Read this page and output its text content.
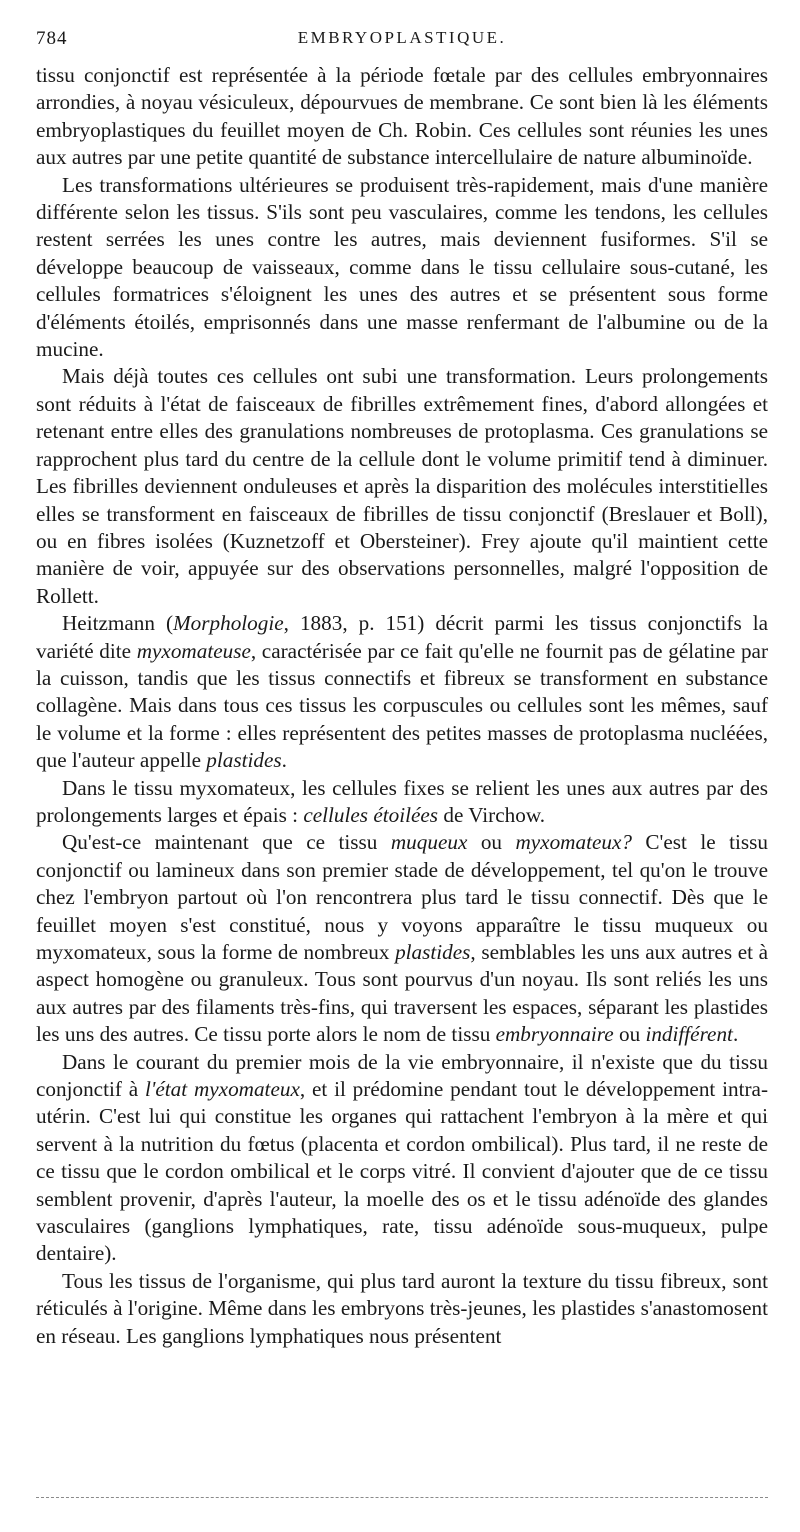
784	EMBRYOPLASTIQUE.

tissu conjonctif est représentée à la période fœtale par des cellules embryonnaires arrondies, à noyau vésiculeux, dépourvues de membrane. Ce sont bien là les éléments embryoplastiques du feuillet moyen de Ch. Robin. Ces cellules sont réunies les unes aux autres par une petite quantité de substance intercellulaire de nature albuminoïde.

Les transformations ultérieures se produisent très-rapidement, mais d'une manière différente selon les tissus. S'ils sont peu vasculaires, comme les tendons, les cellules restent serrées les unes contre les autres, mais deviennent fusiformes. S'il se développe beaucoup de vaisseaux, comme dans le tissu cellulaire sous-cutané, les cellules formatrices s'éloignent les unes des autres et se présentent sous forme d'éléments étoilés, emprisonnés dans une masse renfermant de l'albumine ou de la mucine.

Mais déjà toutes ces cellules ont subi une transformation. Leurs prolongements sont réduits à l'état de faisceaux de fibrilles extrêmement fines, d'abord allongées et retenant entre elles des granulations nombreuses de protoplasma. Ces granulations se rapprochent plus tard du centre de la cellule dont le volume primitif tend à diminuer. Les fibrilles deviennent onduleuses et après la disparition des molécules interstitielles elles se transforment en faisceaux de fibrilles de tissu conjonctif (Breslauer et Boll), ou en fibres isolées (Kuznetzoff et Obersteiner). Frey ajoute qu'il maintient cette manière de voir, appuyée sur des observations personnelles, malgré l'opposition de Rollett.

Heitzmann (Morphologie, 1883, p. 151) décrit parmi les tissus conjonctifs la variété dite myxomateuse, caractérisée par ce fait qu'elle ne fournit pas de gélatine par la cuisson, tandis que les tissus connectifs et fibreux se transforment en substance collagène. Mais dans tous ces tissus les corpuscules ou cellules sont les mêmes, sauf le volume et la forme : elles représentent des petites masses de protoplasma nucléées, que l'auteur appelle plastides.

Dans le tissu myxomateux, les cellules fixes se relient les unes aux autres par des prolongements larges et épais : cellules étoilées de Virchow.

Qu'est-ce maintenant que ce tissu muqueux ou myxomateux? C'est le tissu conjonctif ou lamineux dans son premier stade de développement, tel qu'on le trouve chez l'embryon partout où l'on rencontrera plus tard le tissu connectif. Dès que le feuillet moyen s'est constitué, nous y voyons apparaître le tissu muqueux ou myxomateux, sous la forme de nombreux plastides, semblables les uns aux autres et à aspect homogène ou granuleux. Tous sont pourvus d'un noyau. Ils sont reliés les uns aux autres par des filaments très-fins, qui traversent les espaces, séparant les plastides les uns des autres. Ce tissu porte alors le nom de tissu embryonnaire ou indifférent.

Dans le courant du premier mois de la vie embryonnaire, il n'existe que du tissu conjonctif à l'état myxomateux, et il prédomine pendant tout le développement intra-utérin. C'est lui qui constitue les organes qui rattachent l'embryon à la mère et qui servent à la nutrition du fœtus (placenta et cordon ombilical). Plus tard, il ne reste de ce tissu que le cordon ombilical et le corps vitré. Il convient d'ajouter que de ce tissu semblent provenir, d'après l'auteur, la moelle des os et le tissu adénoïde des glandes vasculaires (ganglions lymphatiques, rate, tissu adénoïde sous-muqueux, pulpe dentaire).

Tous les tissus de l'organisme, qui plus tard auront la texture du tissu fibreux, sont réticulés à l'origine. Même dans les embryons très-jeunes, les plastides s'anastomosent en réseau. Les ganglions lymphatiques nous présentent
